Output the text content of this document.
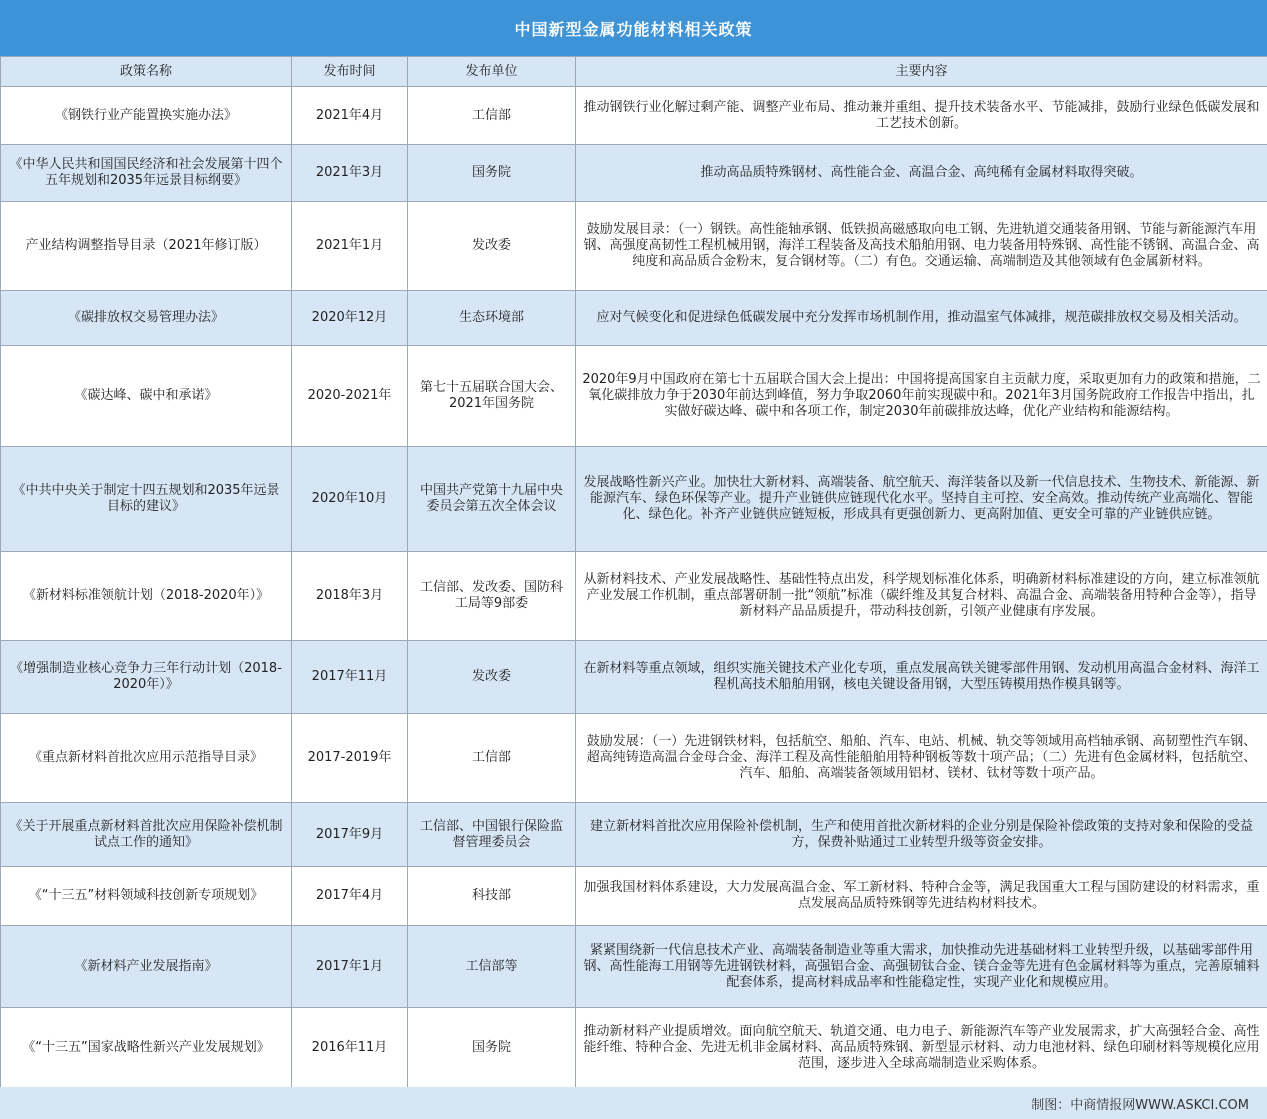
中国新型金属功能材料相关政策
政策名称	发布时间	发布单位	主要内容
《钢铁行业产能置换实施办法》	2021年4月	工信部	推动钢铁行业化解过剩产能、调整产业布局、推动兼并重组、提升技术装备水平、节能减排，鼓励行业绿色低碳发展和工艺技术创新。
《中华人民共和国国民经济和社会发展第十四个五年规划和2035年远景目标纲要》	2021年3月	国务院	推动高品质特殊钢材、高性能合金、高温合金、高纯稀有金属材料取得突破。
产业结构调整指导目录（2021年修订版）	2021年1月	发改委	鼓励发展目录：（一）钢铁。高性能轴承钢、低铁损高磁感取向电工钢、先进轨道交通装备用钢、节能与新能源汽车用钢、高强度高韧性工程机械用钢，海洋工程装备及高技术船舶用钢、电力装备用特殊钢、高性能不锈钢、高温合金、高纯度和高品质合金粉末，复合钢材等。（二）有色。交通运输、高端制造及其他领域有色金属新材料。
《碳排放权交易管理办法》	2020年12月	生态环境部	应对气候变化和促进绿色低碳发展中充分发挥市场机制作用，推动温室气体减排，规范碳排放权交易及相关活动。
《碳达峰、碳中和承诺》	2020-2021年	第七十五届联合国大会、2021年国务院	2020年9月中国政府在第七十五届联合国大会上提出：中国将提高国家自主贡献力度，采取更加有力的政策和措施，二氧化碳排放力争于2030年前达到峰值，努力争取2060年前实现碳中和。2021年3月国务院政府工作报告中指出，扎实做好碳达峰、碳中和各项工作，制定2030年前碳排放达峰，优化产业结构和能源结构。
《中共中央关于制定十四五规划和2035年远景目标的建议》	2020年10月	中国共产党第十九届中央委员会第五次全体会议	发展战略性新兴产业。加快壮大新材料、高端装备、航空航天、海洋装备以及新一代信息技术、生物技术、新能源、新能源汽车、绿色环保等产业。提升产业链供应链现代化水平。坚持自主可控、安全高效。推动传统产业高端化、智能化、绿色化。补齐产业链供应链短板，形成具有更强创新力、更高附加值、更安全可靠的产业链供应链。
《新材料标准领航计划（2018-2020年）》	2018年3月	工信部、发改委、国防科工局等9部委	从新材料技术、产业发展战略性、基础性特点出发，科学规划标准化体系，明确新材料标准建设的方向，建立标准领航产业发展工作机制，重点部署研制一批“领航”标准（碳纤维及其复合材料、高温合金、高端装备用特种合金等），指导新材料产品品质提升，带动科技创新，引领产业健康有序发展。
《增强制造业核心竞争力三年行动计划（2018-2020年）》	2017年11月	发改委	在新材料等重点领域，组织实施关键技术产业化专项，重点发展高铁关键零部件用钢、发动机用高温合金材料、海洋工程机高技术船舶用钢，核电关键设备用钢，大型压铸模用热作模具钢等。
《重点新材料首批次应用示范指导目录》	2017-2019年	工信部	鼓励发展：（一）先进钢铁材料，包括航空、船舶、汽车、电站、机械、轨交等领域用高档轴承钢、高韧塑性汽车钢、超高纯铸造高温合金母合金、海洋工程及高性能船舶用特种钢板等数十项产品；（二）先进有色金属材料，包括航空、汽车、船舶、高端装备领域用铝材、镁材、钛材等数十项产品。
《关于开展重点新材料首批次应用保险补偿机制试点工作的通知》	2017年9月	工信部、中国银行保险监督管理委员会	建立新材料首批次应用保险补偿机制，生产和使用首批次新材料的企业分别是保险补偿政策的支持对象和保险的受益方，保费补贴通过工业转型升级等资金安排。
《“十三五”材料领域科技创新专项规划》	2017年4月	科技部	加强我国材料体系建设，大力发展高温合金、军工新材料、特种合金等，满足我国重大工程与国防建设的材料需求，重点发展高品质特殊钢等先进结构材料技术。
《新材料产业发展指南》	2017年1月	工信部等	紧紧围绕新一代信息技术产业、高端装备制造业等重大需求，加快推动先进基础材料工业转型升级，以基础零部件用钢、高性能海工用钢等先进钢铁材料，高强铝合金、高强韧钛合金、镁合金等先进有色金属材料等为重点，完善原辅料配套体系，提高材料成品率和性能稳定性，实现产业化和规模应用。
《“十三五”国家战略性新兴产业发展规划》	2016年11月	国务院	推动新材料产业提质增效。面向航空航天、轨道交通、电力电子、新能源汽车等产业发展需求，扩大高强轻合金、高性能纤维、特种合金、先进无机非金属材料、高品质特殊钢、新型显示材料、动力电池材料、绿色印刷材料等规模化应用范围，逐步进入全球高端制造业采购体系。
制图：中商情报网WWW.ASKCI.COM
